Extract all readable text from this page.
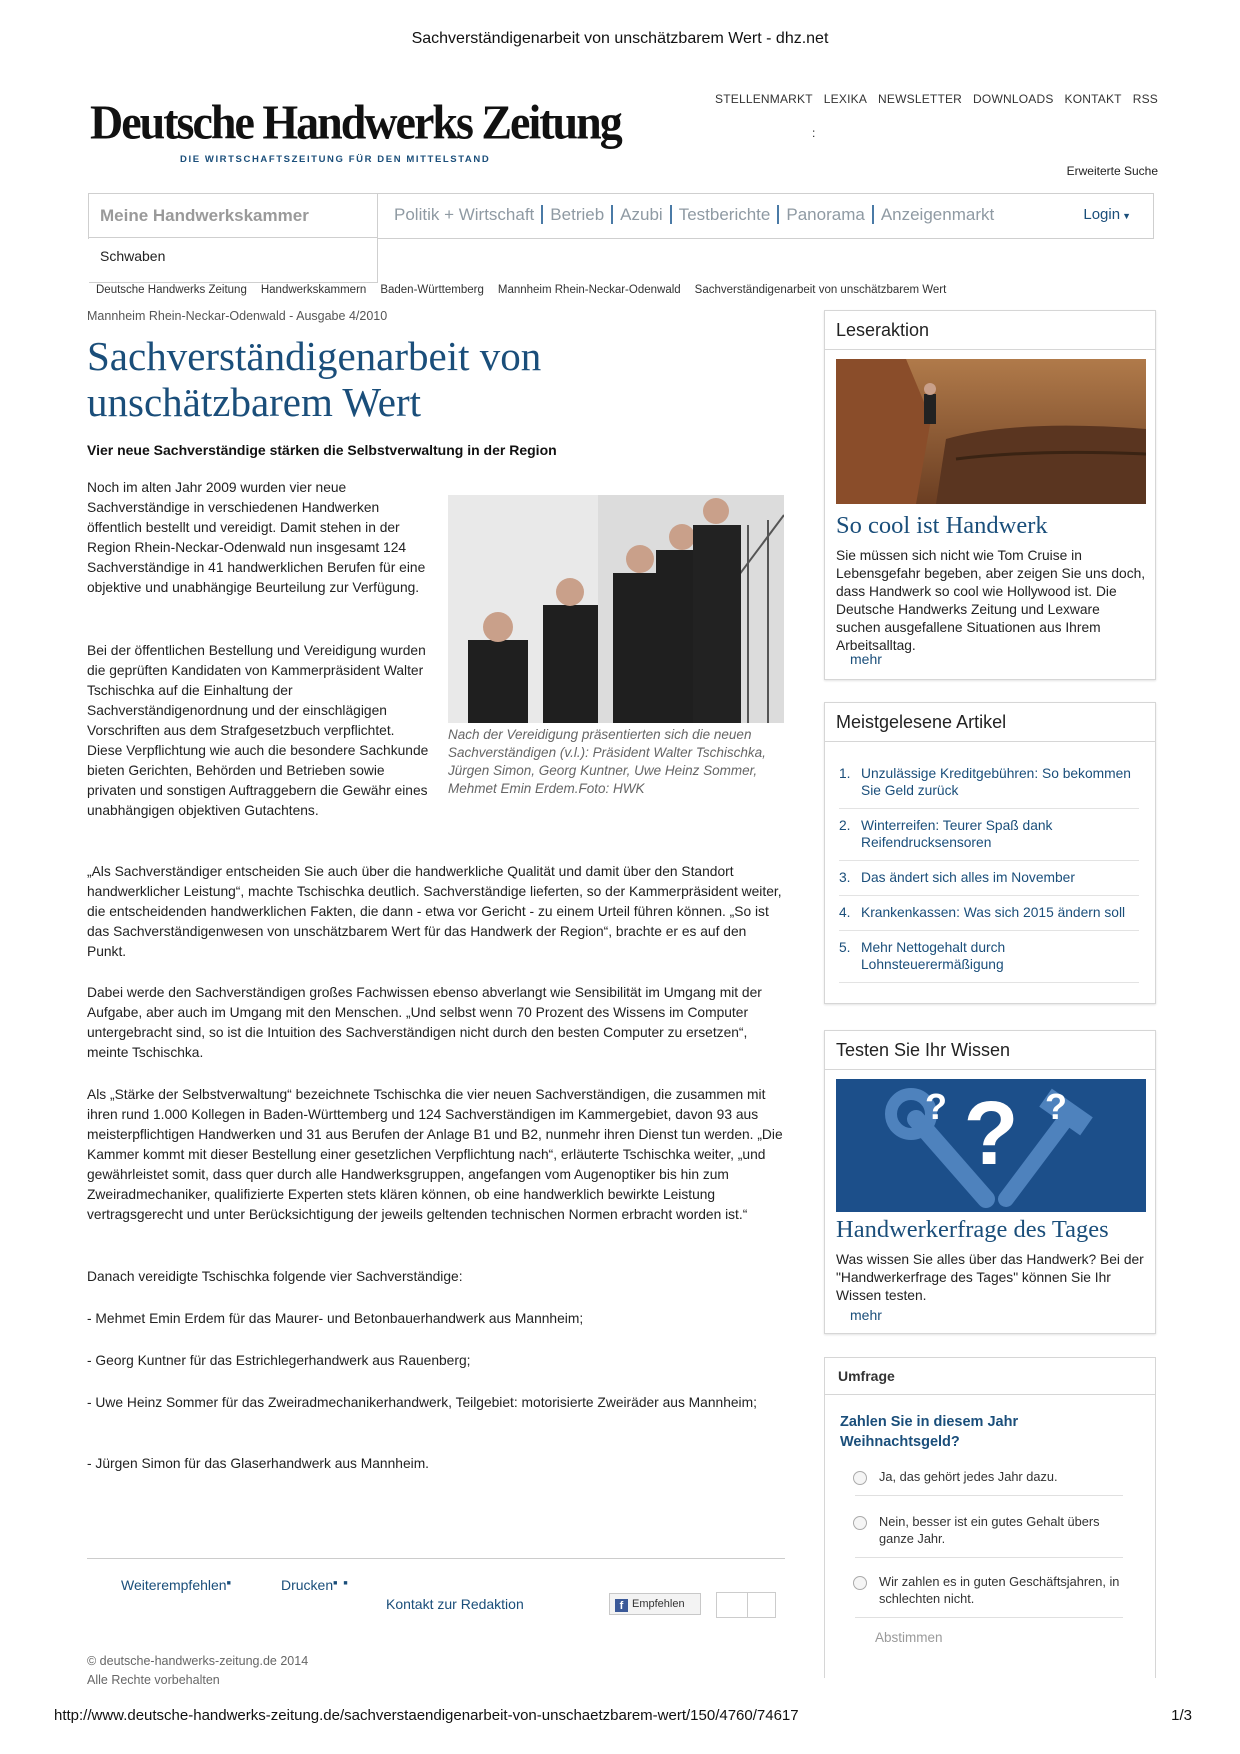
Sachverständigenarbeit von unschätzbarem Wert - dhz.net
STELLENMARKT LEXIKA NEWSLETTER DOWNLOADS KONTAKT RSS
:
Erweiterte Suche
Deutsche Handwerks Zeitung
DIE WIRTSCHAFTSZEITUNG FÜR DEN MITTELSTAND
Meine Handwerkskammer
Schwaben
Politik + Wirtschaft Betrieb Azubi Testberichte Panorama Anzeigenmarkt	Login ▼
Deutsche Handwerks Zeitung Handwerkskammern Baden-Württemberg Mannheim Rhein-Neckar-Odenwald Sachverständigenarbeit von unschätzbarem Wert
Mannheim Rhein-Neckar-Odenwald - Ausgabe 4/2010
Sachverständigenarbeit von unschätzbarem Wert
Vier neue Sachverständige stärken die Selbstverwaltung in der Region
Noch im alten Jahr 2009 wurden vier neue Sachverständige in verschiedenen Handwerken öffentlich bestellt und vereidigt. Damit stehen in der Region Rhein-Neckar-Odenwald nun insgesamt 124 Sachverständige in 41 handwerklichen Berufen für eine objektive und unabhängige Beurteilung zur Verfügung.
Bei der öffentlichen Bestellung und Vereidigung wurden die geprüften Kandidaten von Kammerpräsident Walter Tschischka auf die Einhaltung der Sachverständigenordnung und der einschlägigen Vorschriften aus dem Strafgesetzbuch verpflichtet. Diese Verpflichtung wie auch die besondere Sachkunde bieten Gerichten, Behörden und Betrieben sowie privaten und sonstigen Auftraggebern die Gewähr eines unabhängigen objektiven Gutachtens.
Nach der Vereidigung präsentierten sich die neuen Sachverständigen (v.l.): Präsident Walter Tschischka, Jürgen Simon, Georg Kuntner, Uwe Heinz Sommer, Mehmet Emin Erdem.Foto: HWK
„Als Sachverständiger entscheiden Sie auch über die handwerkliche Qualität und damit über den Standort handwerklicher Leistung“, machte Tschischka deutlich. Sachverständige lieferten, so der Kammerpräsident weiter, die entscheidenden handwerklichen Fakten, die dann - etwa vor Gericht - zu einem Urteil führen können. „So ist das Sachverständigenwesen von unschätzbarem Wert für das Handwerk der Region“, brachte er es auf den Punkt.
Dabei werde den Sachverständigen großes Fachwissen ebenso abverlangt wie Sensibilität im Umgang mit der Aufgabe, aber auch im Umgang mit den Menschen. „Und selbst wenn 70 Prozent des Wissens im Computer untergebracht sind, so ist die Intuition des Sachverständigen nicht durch den besten Computer zu ersetzen“, meinte Tschischka.
Als „Stärke der Selbstverwaltung“ bezeichnete Tschischka die vier neuen Sachverständigen, die zusammen mit ihren rund 1.000 Kollegen in Baden-Württemberg und 124 Sachverständigen im Kammergebiet, davon 93 aus meisterpflichtigen Handwerken und 31 aus Berufen der Anlage B1 und B2, nunmehr ihren Dienst tun werden. „Die Kammer kommt mit dieser Bestellung einer gesetzlichen Verpflichtung nach“, erläuterte Tschischka weiter, „und gewährleistet somit, dass quer durch alle Handwerksgruppen, angefangen vom Augenoptiker bis hin zum Zweiradmechaniker, qualifizierte Experten stets klären können, ob eine handwerklich bewirkte Leistung vertragsgerecht und unter Berücksichtigung der jeweils geltenden technischen Normen erbracht worden ist.“
Danach vereidigte Tschischka folgende vier Sachverständige:
- Mehmet Emin Erdem für das Maurer- und Betonbauerhandwerk aus Mannheim;
- Georg Kuntner für das Estrichlegerhandwerk aus Rauenberg;
- Uwe Heinz Sommer für das Zweiradmechanikerhandwerk, Teilgebiet: motorisierte Zweiräder aus Mannheim;
- Jürgen Simon für das Glaserhandwerk aus Mannheim.
Weiterempfehlen■	Drucken■ ■
Kontakt zur Redaktion	f Empfehlen
© deutsche-handwerks-zeitung.de 2014
Alle Rechte vorbehalten
Leseraktion
So cool ist Handwerk
Sie müssen sich nicht wie Tom Cruise in Lebensgefahr begeben, aber zeigen Sie uns doch, dass Handwerk so cool wie Hollywood ist. Die Deutsche Handwerks Zeitung und Lexware suchen ausgefallene Situationen aus Ihrem Arbeitsalltag.
mehr
Meistgelesene Artikel
1. Unzulässige Kreditgebühren: So bekommen Sie Geld zurück
2. Winterreifen: Teurer Spaß dank Reifendrucksensoren
3. Das ändert sich alles im November
4. Krankenkassen: Was sich 2015 ändern soll
5. Mehr Nettogehalt durch Lohnsteuerermäßigung
Testen Sie Ihr Wissen
?
?	?
Handwerkerfrage des Tages
Was wissen Sie alles über das Handwerk? Bei der "Handwerkerfrage des Tages" können Sie Ihr Wissen testen.
mehr
Umfrage
Zahlen Sie in diesem Jahr Weihnachtsgeld?
Ja, das gehört jedes Jahr dazu.
Nein, besser ist ein gutes Gehalt übers ganze Jahr.
Wir zahlen es in guten Geschäftsjahren, in schlechten nicht.
Abstimmen
http://www.deutsche-handwerks-zeitung.de/sachverstaendigenarbeit-von-unschaetzbarem-wert/150/4760/74617	1/3
